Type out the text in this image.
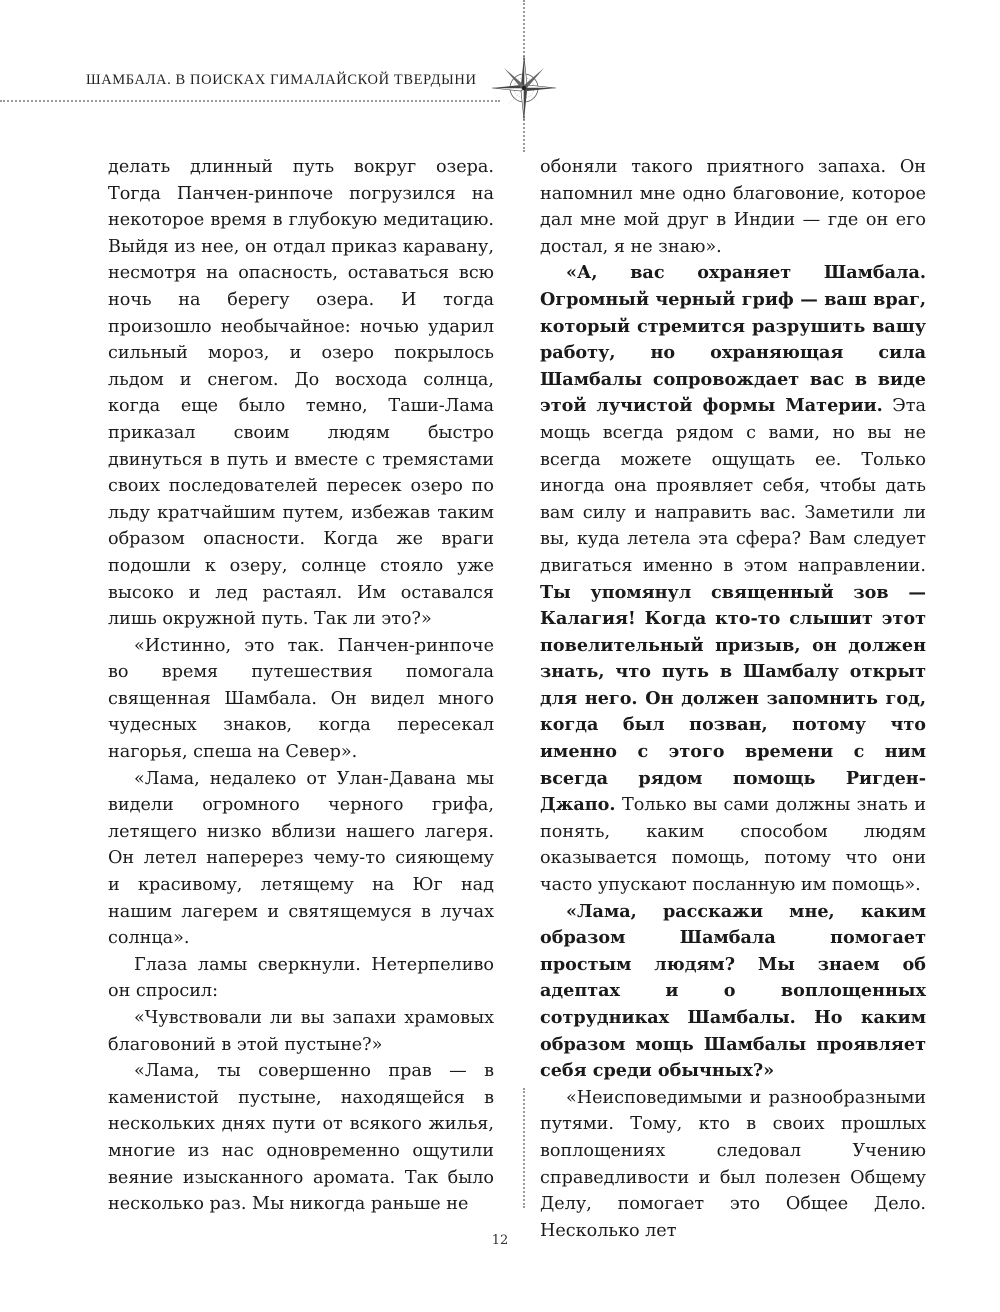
ШАМБАЛА. В ПОИСКАХ ГИМАЛАЙСКОЙ ТВЕРДЫНИ

делать длинный путь вокруг озера. Тогда Панчен-ринпоче погрузился на некоторое время в глубокую медитацию. Выйдя из нее, он отдал приказ каравану, несмотря на опасность, оставаться всю ночь на берегу озера. И тогда произошло необычайное: ночью ударил сильный мороз, и озеро покрылось льдом и снегом. До восхода солнца, когда еще было темно, Таши-Лама приказал своим людям быстро двинуться в путь и вместе с тремястами своих последователей пересек озеро по льду кратчайшим путем, избежав таким образом опасности. Когда же враги подошли к озеру, солнце стояло уже высоко и лед растаял. Им оставался лишь окружной путь. Так ли это?»

«Истинно, это так. Панчен-ринпоче во время путешествия помогала священная Шамбала. Он видел много чудесных знаков, когда пересекал нагорья, спеша на Север».

«Лама, недалеко от Улан-Давана мы видели огромного черного грифа, летящего низко вблизи нашего лагеря. Он летел наперерез чему-то сияющему и красивому, летящему на Юг над нашим лагерем и святящемуся в лучах солнца».

Глаза ламы сверкнули. Нетерпеливо он спросил:

«Чувствовали ли вы запахи храмовых благовоний в этой пустыне?»

«Лама, ты совершенно прав — в каменистой пустыне, находящейся в нескольких днях пути от всякого жилья, многие из нас одновременно ощутили веяние изысканного аромата. Так было несколько раз. Мы никогда раньше не

обоняли такого приятного запаха. Он напомнил мне одно благовоние, которое дал мне мой друг в Индии — где он его достал, я не знаю».

«А, вас охраняет Шамбала. Огромный черный гриф — ваш враг, который стремится разрушить вашу работу, но охраняющая сила Шамбалы сопровождает вас в виде этой лучистой формы Материи. Эта мощь всегда рядом с вами, но вы не всегда можете ощущать ее. Только иногда она проявляет себя, чтобы дать вам силу и направить вас. Заметили ли вы, куда летела эта сфера? Вам следует двигаться именно в этом направлении. Ты упомянул священный зов — Калагия! Когда кто-то слышит этот повелительный призыв, он должен знать, что путь в Шамбалу открыт для него. Он должен запомнить год, когда был позван, потому что именно с этого времени с ним всегда рядом помощь Ригден-Джапо. Только вы сами должны знать и понять, каким способом людям оказывается помощь, потому что они часто упускают посланную им помощь».

«Лама, расскажи мне, каким образом Шамбала помогает простым людям? Мы знаем об адептах и о воплощенных сотрудниках Шамбалы. Но каким образом мощь Шамбалы проявляет себя среди обычных?»

«Неисповедимыми и разнообразными путями. Тому, кто в своих прошлых воплощениях следовал Учению справедливости и был полезен Общему Делу, помогает это Общее Дело. Несколько лет

12
